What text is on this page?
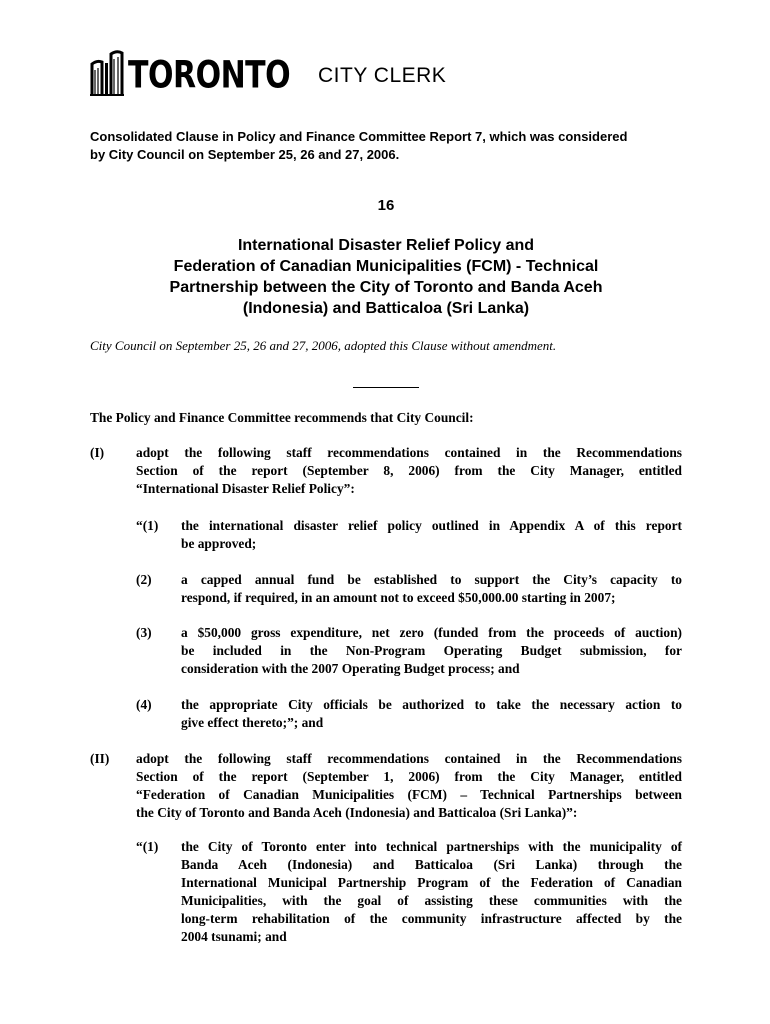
TORONTO CITY CLERK
Consolidated Clause in Policy and Finance Committee Report 7, which was considered
by City Council on September 25, 26 and 27, 2006.
16
International Disaster Relief Policy and
Federation of Canadian Municipalities (FCM) - Technical
Partnership between the City of Toronto and Banda Aceh
(Indonesia) and Batticaloa (Sri Lanka)
City Council on September 25, 26 and 27, 2006, adopted this Clause without amendment.
The Policy and Finance Committee recommends that City Council:
(I) adopt the following staff recommendations contained in the Recommendations
Section of the report (September 8, 2006) from the City Manager, entitled
“International Disaster Relief Policy”:
“(1) the international disaster relief policy outlined in Appendix A of this report
be approved;
(2) a capped annual fund be established to support the City’s capacity to
respond, if required, in an amount not to exceed $50,000.00 starting in 2007;
(3) a $50,000 gross expenditure, net zero (funded from the proceeds of auction)
be included in the Non-Program Operating Budget submission, for
consideration with the 2007 Operating Budget process; and
(4) the appropriate City officials be authorized to take the necessary action to
give effect thereto;”; and
(II) adopt the following staff recommendations contained in the Recommendations
Section of the report (September 1, 2006) from the City Manager, entitled
“Federation of Canadian Municipalities (FCM) – Technical Partnerships between
the City of Toronto and Banda Aceh (Indonesia) and Batticaloa (Sri Lanka)”:
“(1) the City of Toronto enter into technical partnerships with the municipality of
Banda Aceh (Indonesia) and Batticaloa (Sri Lanka) through the
International Municipal Partnership Program of the Federation of Canadian
Municipalities, with the goal of assisting these communities with the
long-term rehabilitation of the community infrastructure affected by the
2004 tsunami; and
